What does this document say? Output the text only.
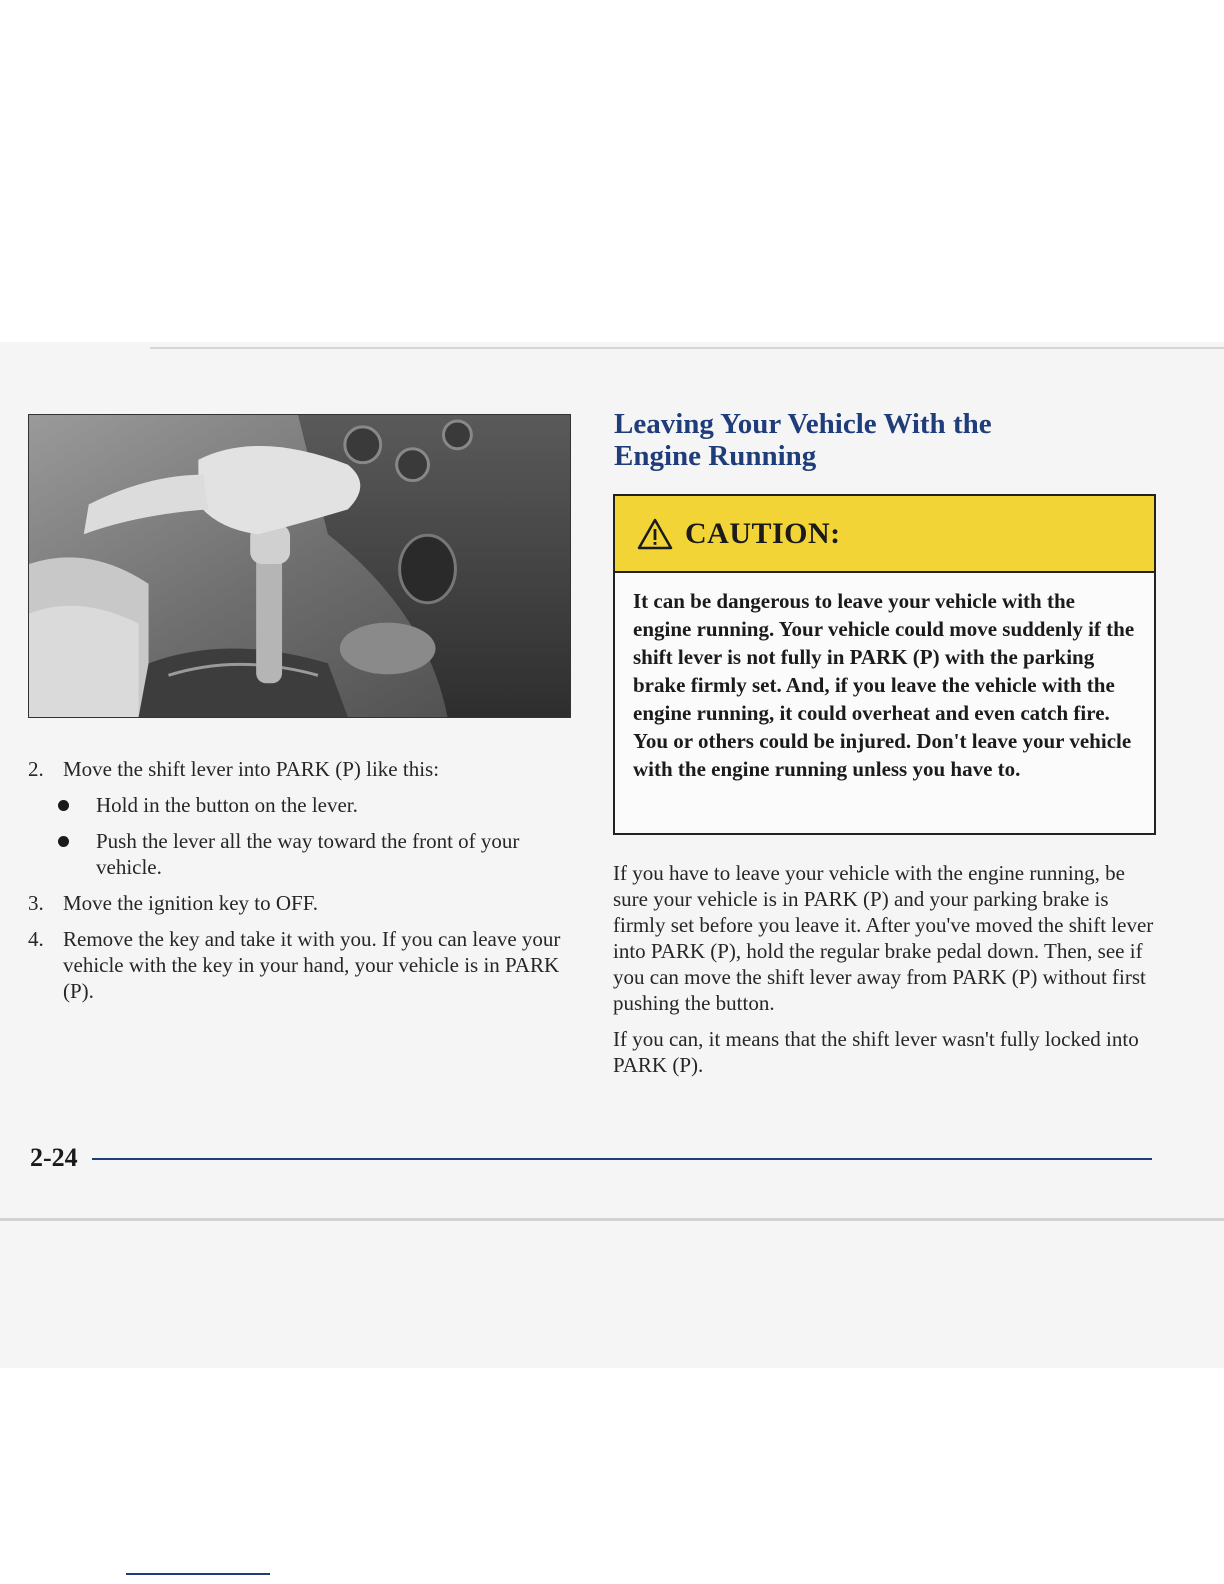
2. Move the shift lever into PARK (P) like this:
Hold in the button on the lever.
Push the lever all the way toward the front of your vehicle.
3. Move the ignition key to OFF.
4. Remove the key and take it with you. If you can leave your vehicle with the key in your hand, your vehicle is in PARK (P).
Leaving Your Vehicle With the
Engine Running
CAUTION:
It can be dangerous to leave your vehicle with the engine running. Your vehicle could move suddenly if the shift lever is not fully in PARK (P) with the parking brake firmly set. And, if you leave the vehicle with the engine running, it could overheat and even catch fire. You or others could be injured. Don't leave your vehicle with the engine running unless you have to.

If you have to leave your vehicle with the engine running, be sure your vehicle is in PARK (P) and your parking brake is firmly set before you leave it. After you've moved the shift lever into PARK (P), hold the regular brake pedal down. Then, see if you can move the shift lever away from PARK (P) without first pushing the button.

If you can, it means that the shift lever wasn't fully locked into PARK (P).

2-24
